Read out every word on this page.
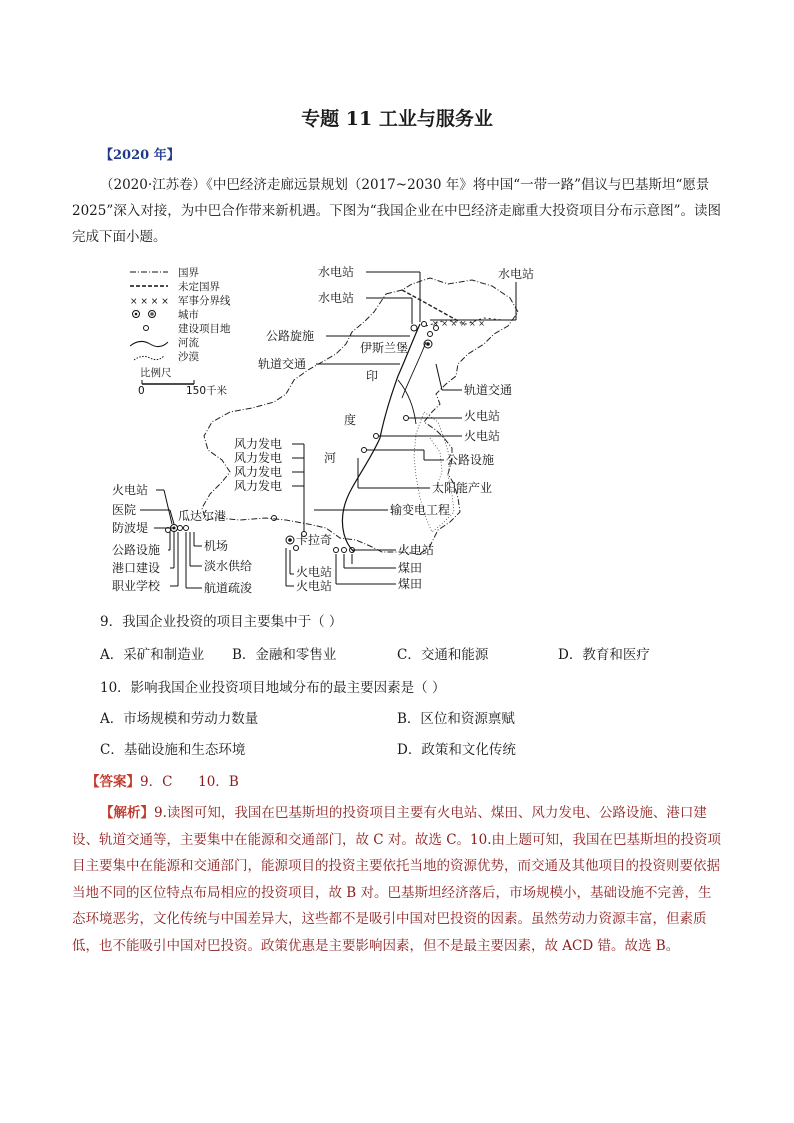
专题 11 工业与服务业
【2020 年】
（2020·江苏卷）《中巴经济走廊远景规划（2017~2030 年》将中国“一带一路”倡议与巴基斯坦“愿景 2025”深入对接，为中巴合作带来新机遇。下图为“我国企业在中巴经济走廊重大投资项目分布示意图”。读图完成下面小题。
国界
未定国界
× × × × 军事分界线
城市
建设项目地
河流
沙漠
比例尺
0	150千米
× × × × × ×
水电站	水电站
水电站
公路旋施
伊斯兰堡
轨道交通
印
度
河
轨道交通
火电站
火电站
公路设施
太阳能产业
输变电工程
风力发电
风力发电
风力发电
风力发电
火电站
医院
防波堤
瓜达尔港
公路设施
港口建设
职业学校
机场
淡水供给
航道疏浚
卡拉奇
火电站
火电站
火电站
煤田
煤田
9．我国企业投资的项目主要集中于（ ）
A．采矿和制造业 B．金融和零售业	C．交通和能源	D．教育和医疗
10．影响我国企业投资项目地域分布的最主要因素是（ ）
A．市场规模和劳动力数量	B．区位和资源禀赋
C．基础设施和生态环境	D．政策和文化传统
【答案】9．C      10．B
【解析】9.读图可知，我国在巴基斯坦的投资项目主要有火电站、煤田、风力发电、公路设施、港口建设、轨道交通等，主要集中在能源和交通部门，故 C 对。故选 C。10.由上题可知，我国在巴基斯坦的投资项目主要集中在能源和交通部门，能源项目的投资主要依托当地的资源优势，而交通及其他项目的投资则要依据当地不同的区位特点布局相应的投资项目，故 B 对。巴基斯坦经济落后，市场规模小，基础设施不完善，生态环境恶劣，文化传统与中国差异大，这些都不是吸引中国对巴投资的因素。虽然劳动力资源丰富，但素质低，也不能吸引中国对巴投资。政策优惠是主要影响因素，但不是最主要因素，故 ACD 错。故选 B。
